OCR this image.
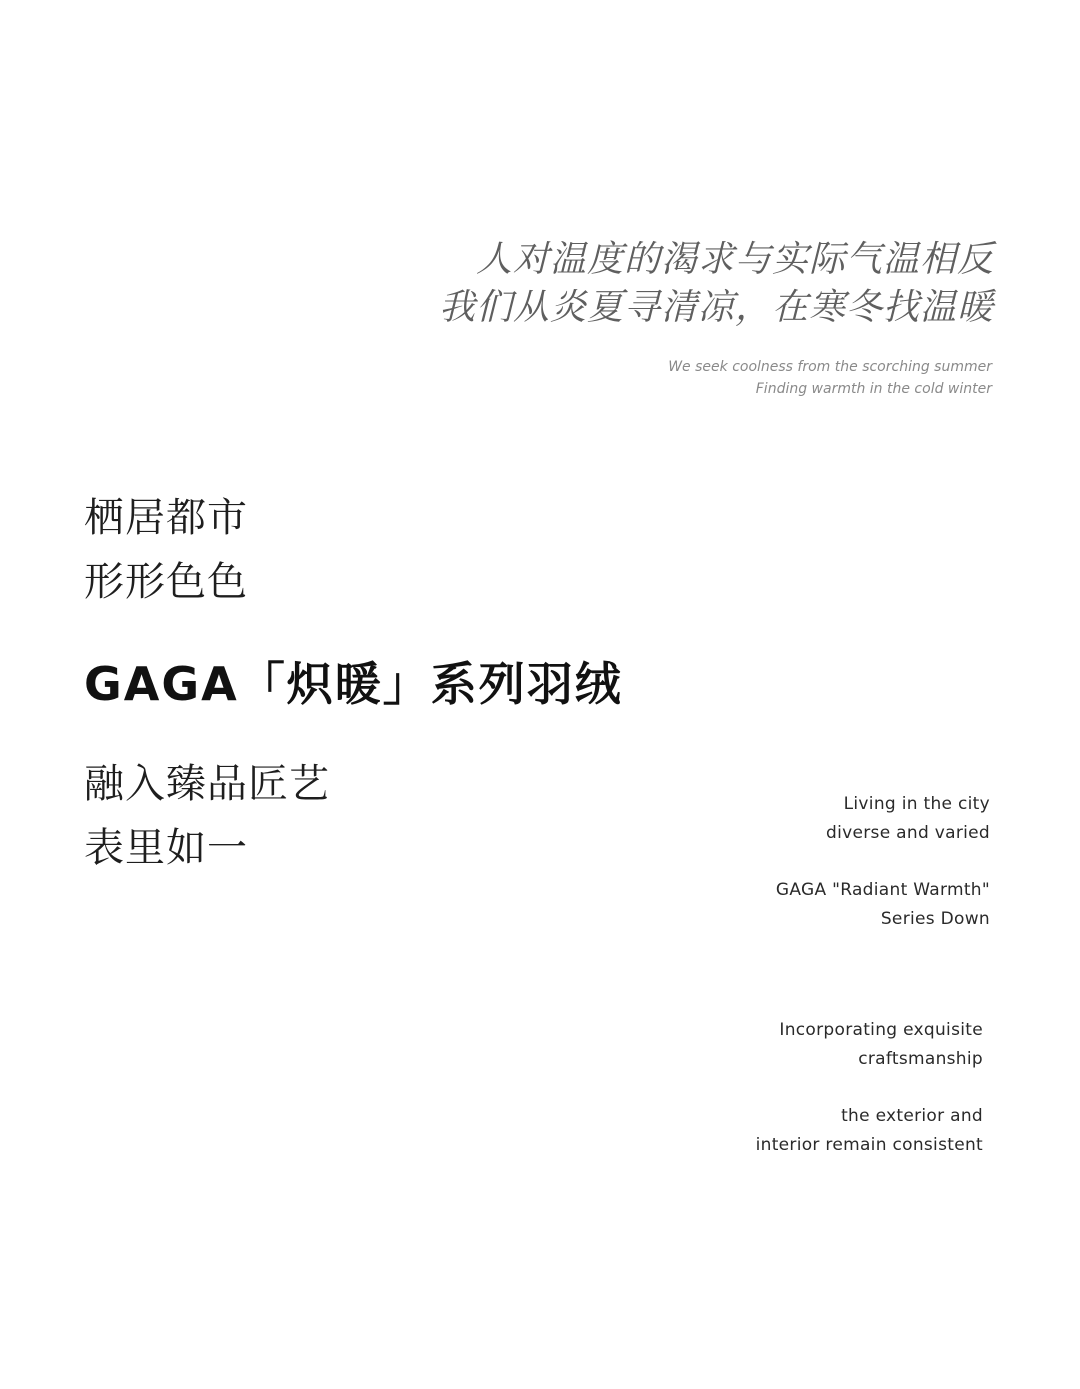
人对温度的渴求与实际气温相反
我们从炎夏寻清凉，在寒冬找温暖
We seek coolness from the scorching summer
Finding warmth in the cold winter
栖居都市
形形色色
GAGA「炽暖」系列羽绒
融入臻品匠艺
表里如一
Living in the city
diverse and varied
GAGA "Radiant Warmth"
Series Down
Incorporating exquisite
craftsmanship
the exterior and
interior remain consistent
